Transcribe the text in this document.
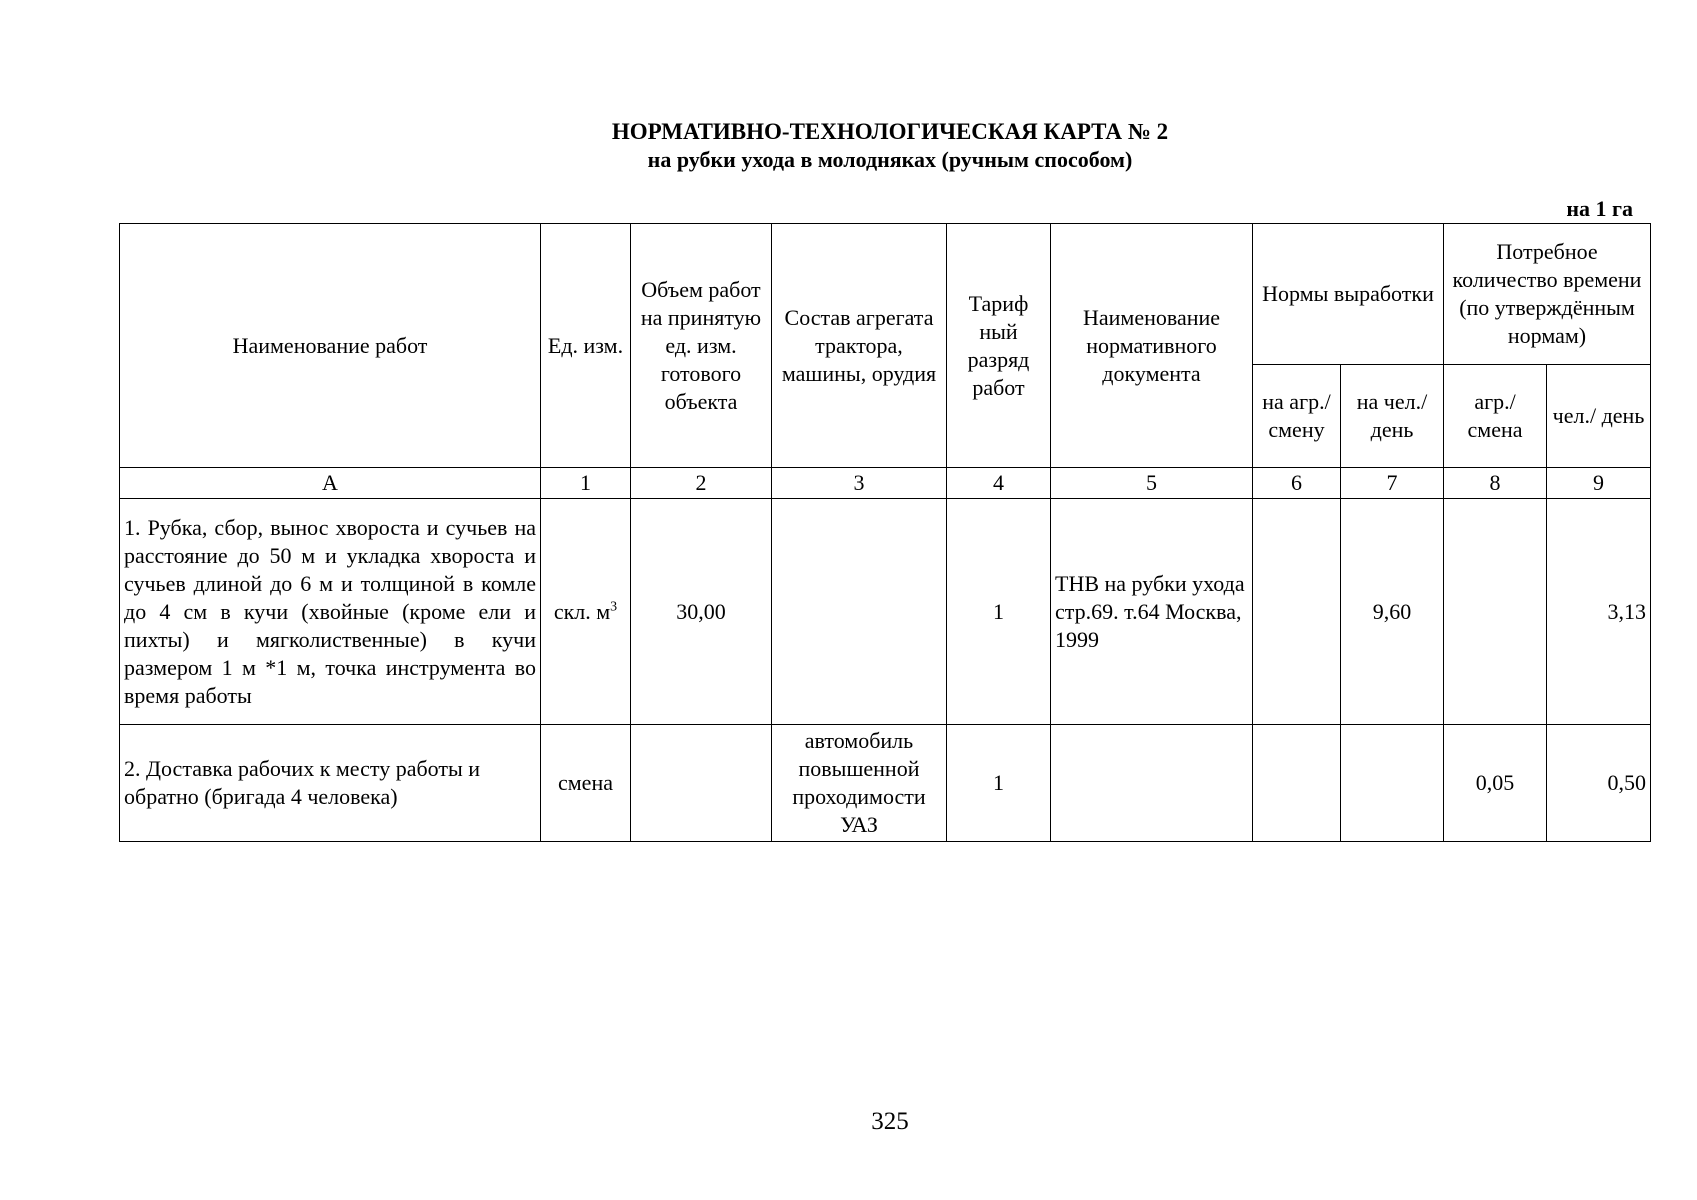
НОРМАТИВНО-ТЕХНОЛОГИЧЕСКАЯ КАРТА № 2
на рубки ухода в молодняках (ручным способом)
на 1 га
Наименование работ	Ед. изм.	Объем работ на принятую ед. изм. готового объекта	Состав агрегата трактора, машины, орудия	Тариф ный разряд работ	Наименование нормативного документа	Нормы выработки		Потребное количество времени (по утверждённым нормам)	
						на агр./ смену	на чел./ день	агр./ смена	чел./ день
А	1	2	3	4	5	6	7	8	9
1. Рубка, сбор, вынос хвороста и сучьев на расстояние до 50 м и укладка хвороста и сучьев длиной до 6 м и толщиной в комле до 4 см в кучи (хвойные (кроме ели и пихты) и мягколиственные) в кучи размером 1 м *1 м, точка инструмента во время работы	скл. $м^3$	30,00		1	ТНВ на рубки ухода стр.69. т.64 Москва, 1999		9,60		3,13
2. Доставка рабочих к месту работы и обратно (бригада 4 человека)	смена		автомобиль повышенной проходимости УАЗ	1				0,05	0,50
325
